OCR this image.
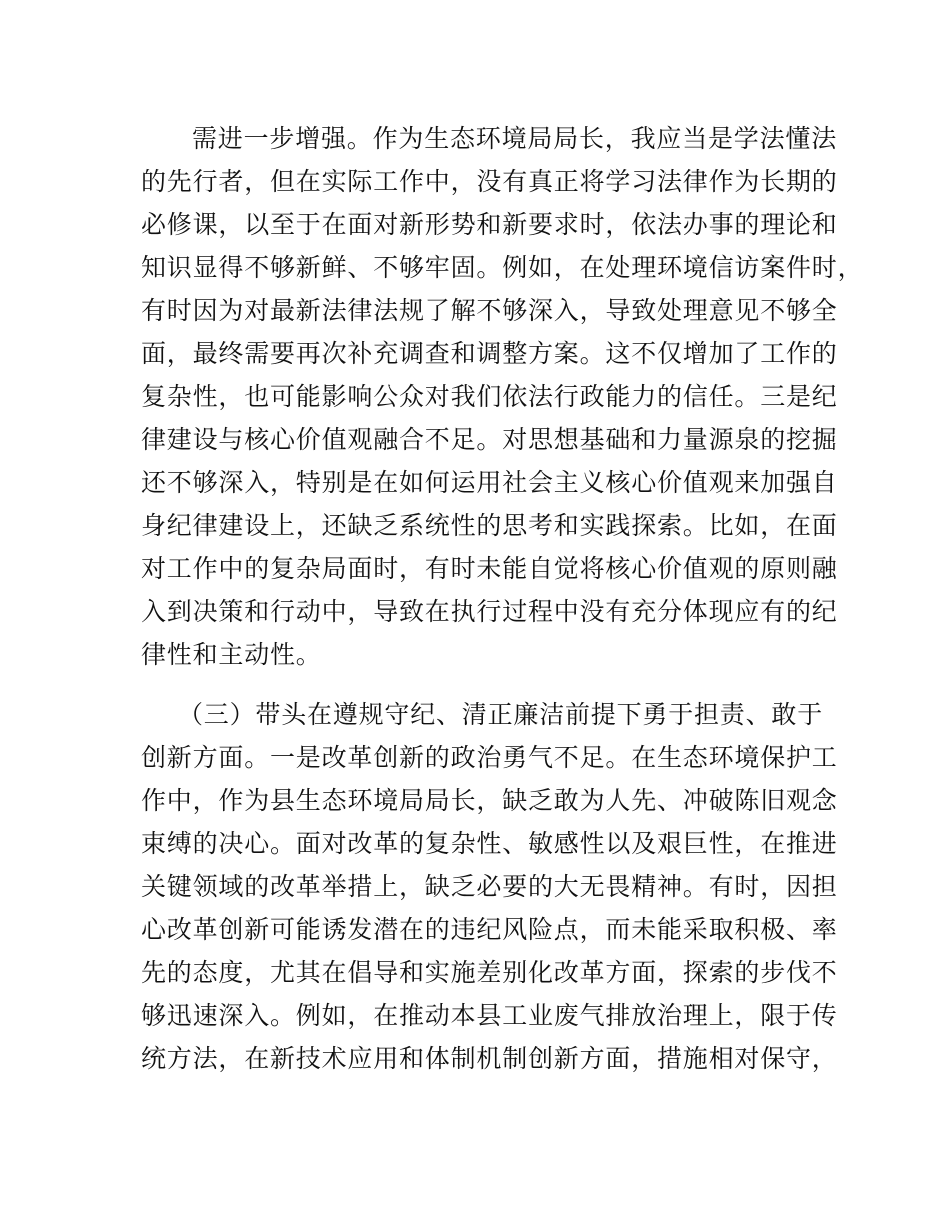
需进一步增强。作为生态环境局局长，我应当是学法懂法

的先行者，但在实际工作中，没有真正将学习法律作为长期的

必修课，以至于在面对新形势和新要求时，依法办事的理论和

知识显得不够新鲜、不够牢固。例如，在处理环境信访案件时，

有时因为对最新法律法规了解不够深入，导致处理意见不够全

面，最终需要再次补充调查和调整方案。这不仅增加了工作的

复杂性，也可能影响公众对我们依法行政能力的信任。三是纪

律建设与核心价值观融合不足。对思想基础和力量源泉的挖掘

还不够深入，特别是在如何运用社会主义核心价值观来加强自

身纪律建设上，还缺乏系统性的思考和实践探索。比如，在面

对工作中的复杂局面时，有时未能自觉将核心价值观的原则融

入到决策和行动中，导致在执行过程中没有充分体现应有的纪

律性和主动性。

（三）带头在遵规守纪、清正廉洁前提下勇于担责、敢于

创新方面。一是改革创新的政治勇气不足。在生态环境保护工

作中，作为县生态环境局局长，缺乏敢为人先、冲破陈旧观念

束缚的决心。面对改革的复杂性、敏感性以及艰巨性，在推进

关键领域的改革举措上，缺乏必要的大无畏精神。有时，因担

心改革创新可能诱发潜在的违纪风险点，而未能采取积极、率

先的态度，尤其在倡导和实施差别化改革方面，探索的步伐不

够迅速深入。例如，在推动本县工业废气排放治理上，限于传

统方法，在新技术应用和体制机制创新方面，措施相对保守，
